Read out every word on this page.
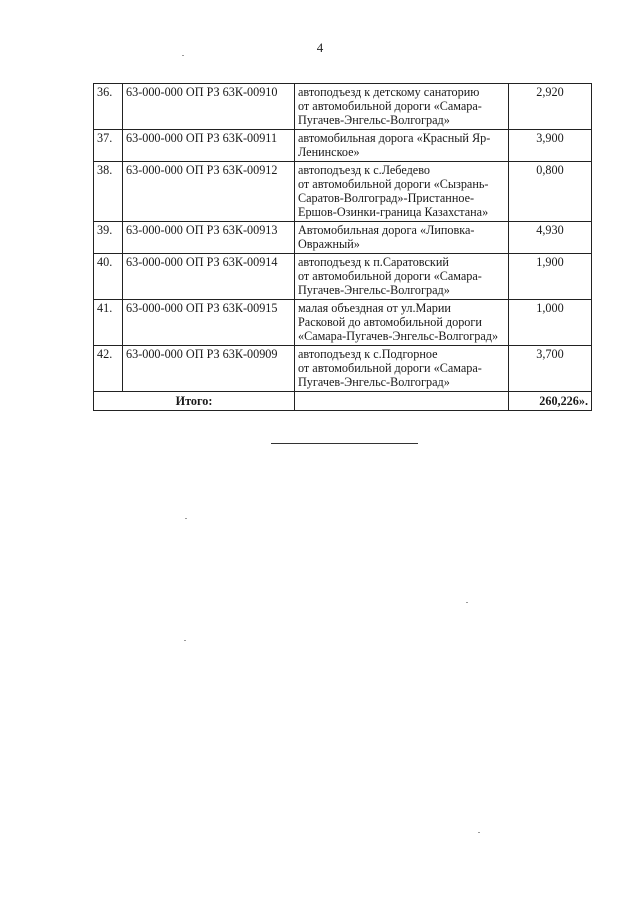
4
36.	63-000-000 ОП РЗ 63К-00910	автоподъезд к детскому санаторию
от автомобильной дороги «Самара-
Пугачев-Энгельс-Волгоград»	2,920
37.	63-000-000 ОП РЗ 63К-00911	автомобильная дорога «Красный Яр-
Ленинское»	3,900
38.	63-000-000 ОП РЗ 63К-00912	автоподъезд к с.Лебедево
от автомобильной дороги «Сызрань-
Саратов-Волгоград»-Пристанное-
Ершов-Озинки-граница Казахстана»	0,800
39.	63-000-000 ОП РЗ 63К-00913	Автомобильная дорога «Липовка-
Овражный»	4,930
40.	63-000-000 ОП РЗ 63К-00914	автоподъезд к п.Саратовский
от автомобильной дороги «Самара-
Пугачев-Энгельс-Волгоград»	1,900
41.	63-000-000 ОП РЗ 63К-00915	малая объездная от ул.Марии
Расковой до автомобильной дороги
«Самара-Пугачев-Энгельс-Волгоград»	1,000
42.	63-000-000 ОП РЗ 63К-00909	автоподъезд к с.Подгорное
от автомобильной дороги «Самара-
Пугачев-Энгельс-Волгоград»	3,700
Итого:			260,226».
